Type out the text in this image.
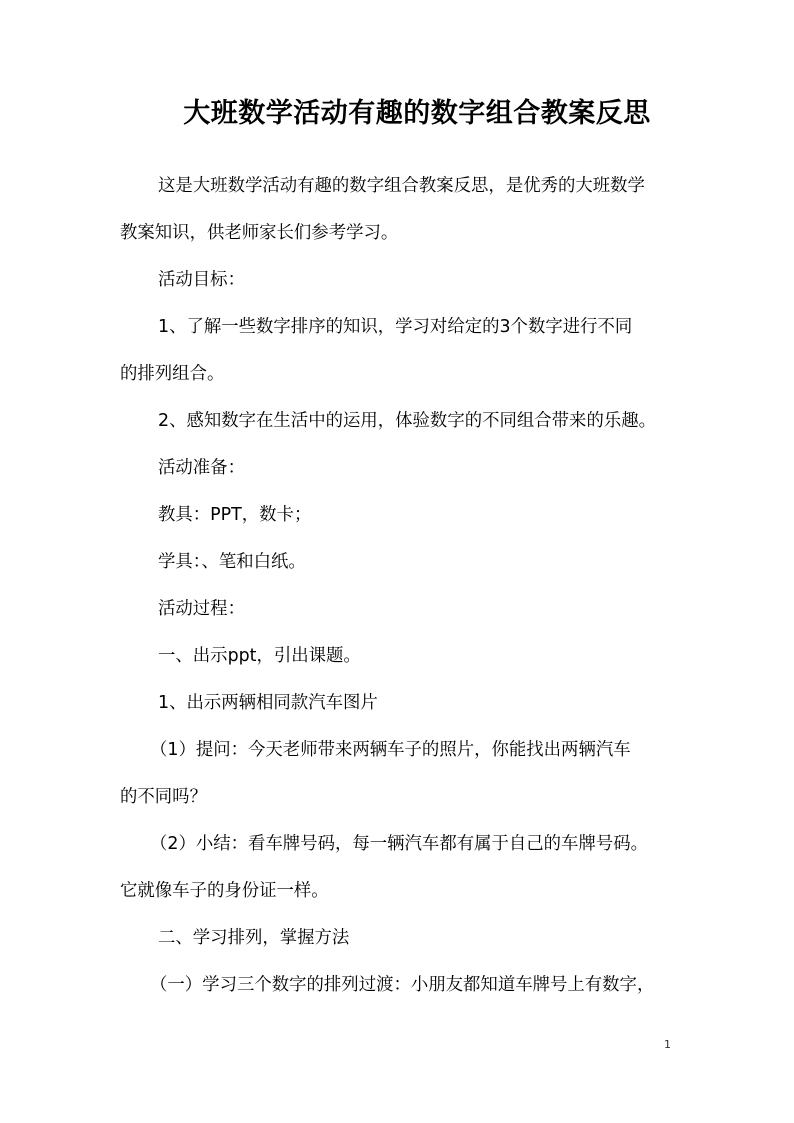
大班数学活动有趣的数字组合教案反思

这是大班数学活动有趣的数字组合教案反思，是优秀的大班数学

教案知识，供老师家长们参考学习。

活动目标：

1、了解一些数字排序的知识，学习对给定的3个数字进行不同

的排列组合。

2、感知数字在生活中的运用，体验数字的不同组合带来的乐趣。

活动准备：

教具：PPT，数卡；

学具：、笔和白纸。

活动过程：

一、出示ppt，引出课题。

1、出示两辆相同款汽车图片

（1）提问：今天老师带来两辆车子的照片，你能找出两辆汽车

的不同吗？

（2）小结：看车牌号码，每一辆汽车都有属于自己的车牌号码。

它就像车子的身份证一样。

二、学习排列，掌握方法

（一）学习三个数字的排列过渡：小朋友都知道车牌号上有数字，

1
